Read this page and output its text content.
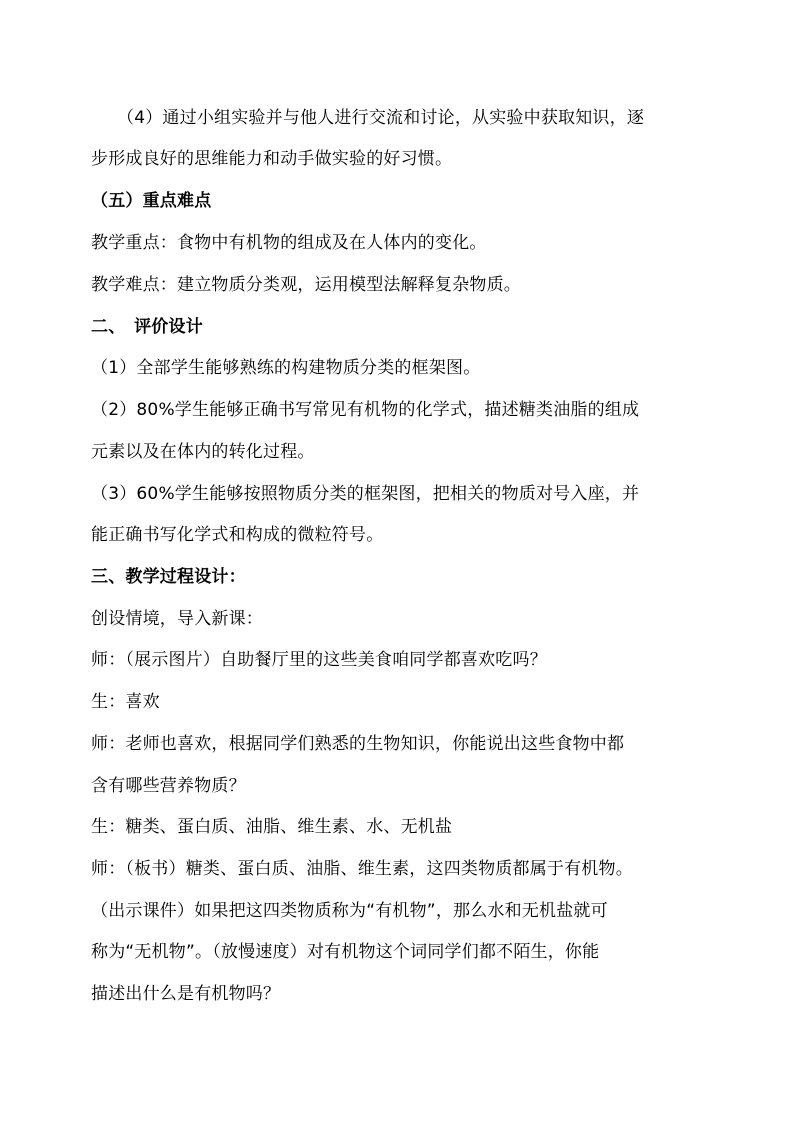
（4）通过小组实验并与他人进行交流和讨论，从实验中获取知识，逐
步形成良好的思维能力和动手做实验的好习惯。
（五）重点难点
教学重点：食物中有机物的组成及在人体内的变化。
教学难点：建立物质分类观，运用模型法解释复杂物质。
二、　评价设计
（1）全部学生能够熟练的构建物质分类的框架图。
（2）80%学生能够正确书写常见有机物的化学式，描述糖类油脂的组成
元素以及在体内的转化过程。
（3）60%学生能够按照物质分类的框架图，把相关的物质对号入座，并
能正确书写化学式和构成的微粒符号。
三、教学过程设计：
创设情境，导入新课：
师：（展示图片）自助餐厅里的这些美食咱同学都喜欢吃吗？
生：喜欢
师：老师也喜欢，根据同学们熟悉的生物知识，你能说出这些食物中都
含有哪些营养物质？
生：糖类、蛋白质、油脂、维生素、水、无机盐
师：（板书）糖类、蛋白质、油脂、维生素，这四类物质都属于有机物。
（出示课件）如果把这四类物质称为“有机物”，那么水和无机盐就可
称为“无机物”。（放慢速度）对有机物这个词同学们都不陌生，你能
描述出什么是有机物吗？
